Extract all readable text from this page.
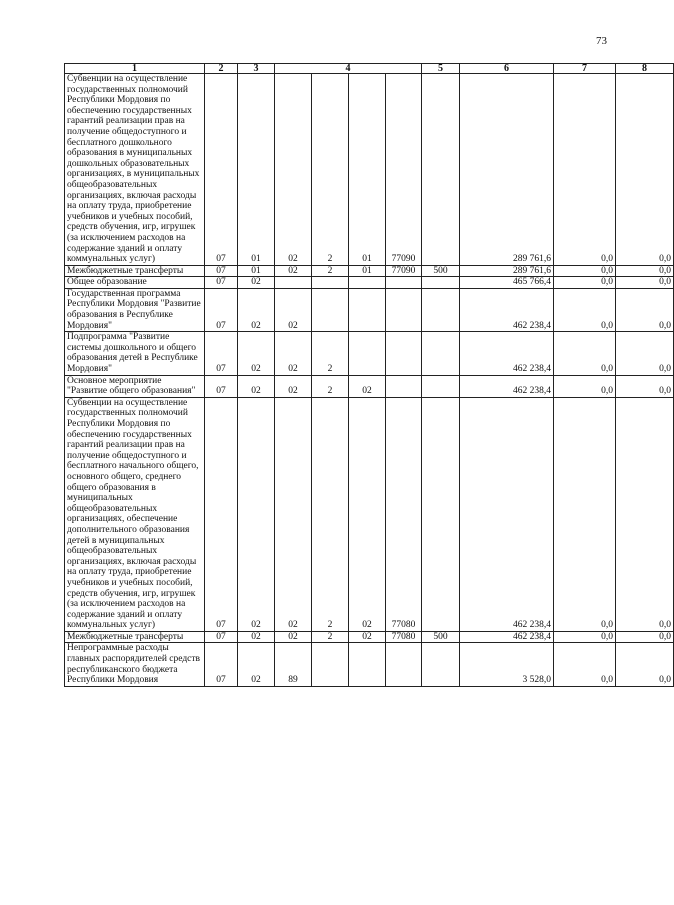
73
1	2	3	4				5	6	7	8
Субвенции на осуществление государственных полномочий Республики Мордовия по обеспечению государственных гарантий реализации прав на получение общедоступного и бесплатного дошкольного образования в муниципальных дошкольных образовательных организациях, в муниципальных общеобразовательных организациях, включая расходы на оплату труда, приобретение учебников и учебных пособий, средств обучения, игр, игрушек (за исключением расходов на содержание зданий и оплату коммунальных услуг)	07	01	02	2	01	77090		289 761,6	0,0	0,0
Межбюджетные трансферты	07	01	02	2	01	77090	500	289 761,6	0,0	0,0
Общее образование	07	02						465 766,4	0,0	0,0
Государственная программа Республики Мордовия "Развитие образования в Республике Мордовия"	07	02	02					462 238,4	0,0	0,0
Подпрограмма "Развитие системы дошкольного и общего образования детей в Республике Мордовия"	07	02	02	2				462 238,4	0,0	0,0
Основное мероприятие "Развитие общего образования"	07	02	02	2	02			462 238,4	0,0	0,0
Субвенции на осуществление государственных полномочий Республики Мордовия по обеспечению государственных гарантий реализации прав на получение общедоступного и бесплатного начального общего, основного общего, среднего общего образования в муниципальных общеобразовательных организациях, обеспечение дополнительного образования детей в муниципальных общеобразовательных организациях, включая расходы на оплату труда, приобретение учебников и учебных пособий, средств обучения, игр, игрушек (за исключением расходов на содержание зданий и оплату коммунальных услуг)	07	02	02	2	02	77080		462 238,4	0,0	0,0
Межбюджетные трансферты	07	02	02	2	02	77080	500	462 238,4	0,0	0,0
Непрограммные расходы главных распорядителей средств республиканского бюджета Республики Мордовия	07	02	89					3 528,0	0,0	0,0
